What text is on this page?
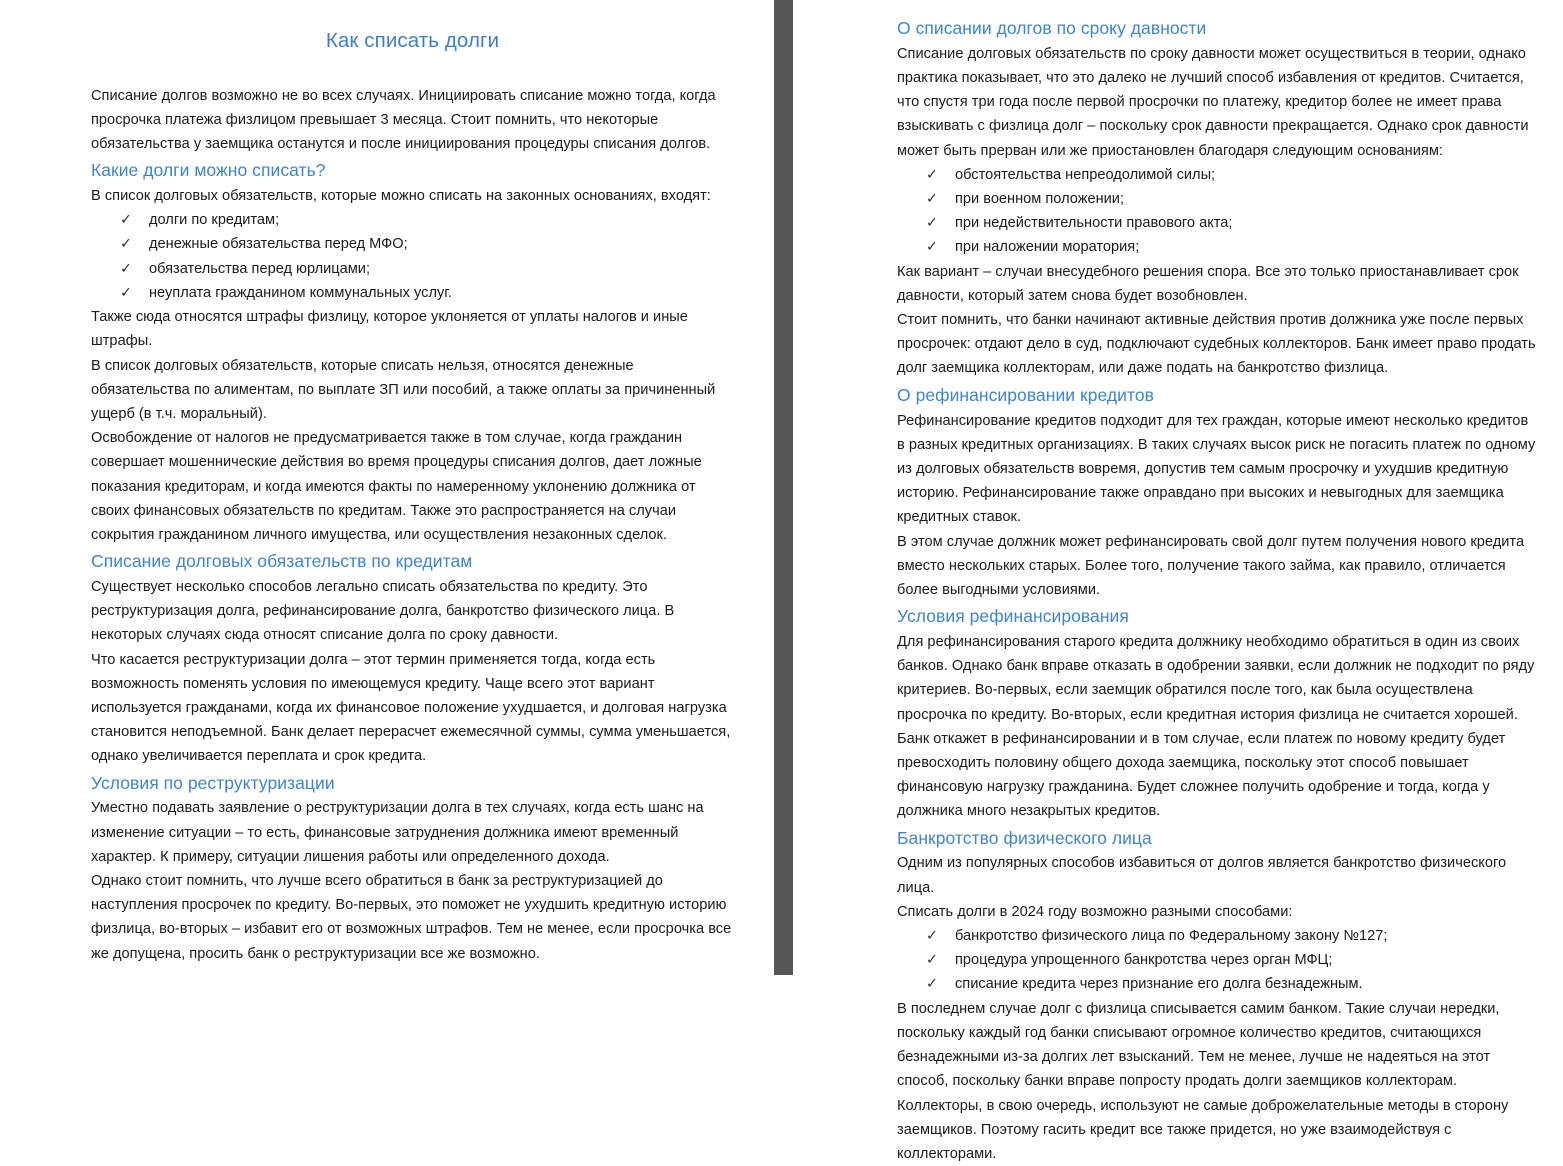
Как списать долги

Списание долгов возможно не во всех случаях. Инициировать списание можно тогда, когда просрочка платежа физлицом превышает 3 месяца. Стоит помнить, что некоторые обязательства у заемщика останутся и после инициирования процедуры списания долгов.

Какие долги можно списать?

В список долговых обязательств, которые можно списать на законных основаниях, входят:

✓ долги по кредитам;
✓ денежные обязательства перед МФО;
✓ обязательства перед юрлицами;
✓ неуплата гражданином коммунальных услуг.

Также сюда относятся штрафы физлицу, которое уклоняется от уплаты налогов и иные штрафы.

В список долговых обязательств, которые списать нельзя, относятся денежные обязательства по алиментам, по выплате ЗП или пособий, а также оплаты за причиненный ущерб (в т.ч. моральный).

Освобождение от налогов не предусматривается также в том случае, когда гражданин совершает мошеннические действия во время процедуры списания долгов, дает ложные показания кредиторам, и когда имеются факты по намеренному уклонению должника от своих финансовых обязательств по кредитам. Также это распространяется на случаи сокрытия гражданином личного имущества, или осуществления незаконных сделок.

Списание долговых обязательств по кредитам

Существует несколько способов легально списать обязательства по кредиту. Это реструктуризация долга, рефинансирование долга, банкротство физического лица. В некоторых случаях сюда относят списание долга по сроку давности.

Что касается реструктуризации долга – этот термин применяется тогда, когда есть возможность поменять условия по имеющемуся кредиту. Чаще всего этот вариант используется гражданами, когда их финансовое положение ухудшается, и долговая нагрузка становится неподъемной. Банк делает перерасчет ежемесячной суммы, сумма уменьшается, однако увеличивается переплата и срок кредита.

Условия по реструктуризации

Уместно подавать заявление о реструктуризации долга в тех случаях, когда есть шанс на изменение ситуации – то есть, финансовые затруднения должника имеют временный характер. К примеру, ситуации лишения работы или определенного дохода.

Однако стоит помнить, что лучше всего обратиться в банк за реструктуризацией до наступления просрочек по кредиту. Во-первых, это поможет не ухудшить кредитную историю физлица, во-вторых – избавит его от возможных штрафов. Тем не менее, если просрочка все же допущена, просить банк о реструктуризации все же возможно.

О списании долгов по сроку давности

Списание долговых обязательств по сроку давности может осуществиться в теории, однако практика показывает, что это далеко не лучший способ избавления от кредитов. Считается, что спустя три года после первой просрочки по платежу, кредитор более не имеет права взыскивать с физлица долг – поскольку срок давности прекращается. Однако срок давности может быть прерван или же приостановлен благодаря следующим основаниям:

✓ обстоятельства непреодолимой силы;
✓ при военном положении;
✓ при недействительности правового акта;
✓ при наложении моратория;

Как вариант – случаи внесудебного решения спора. Все это только приостанавливает срок давности, который затем снова будет возобновлен.

Стоит помнить, что банки начинают активные действия против должника уже после первых просрочек: отдают дело в суд, подключают судебных коллекторов. Банк имеет право продать долг заемщика коллекторам, или даже подать на банкротство физлица.

О рефинансировании кредитов

Рефинансирование кредитов подходит для тех граждан, которые имеют несколько кредитов в разных кредитных организациях. В таких случаях высок риск не погасить платеж по одному из долговых обязательств вовремя, допустив тем самым просрочку и ухудшив кредитную историю. Рефинансирование также оправдано при высоких и невыгодных для заемщика кредитных ставок.

В этом случае должник может рефинансировать свой долг путем получения нового кредита вместо нескольких старых. Более того, получение такого займа, как правило, отличается более выгодными условиями.

Условия рефинансирования

Для рефинансирования старого кредита должнику необходимо обратиться в один из своих банков. Однако банк вправе отказать в одобрении заявки, если должник не подходит по ряду критериев. Во-первых, если заемщик обратился после того, как была осуществлена просрочка по кредиту. Во-вторых, если кредитная история физлица не считается хорошей.

Банк откажет в рефинансировании и в том случае, если платеж по новому кредиту будет превосходить половину общего дохода заемщика, поскольку этот способ повышает финансовую нагрузку гражданина. Будет сложнее получить одобрение и тогда, когда у должника много незакрытых кредитов.

Банкротство физического лица

Одним из популярных способов избавиться от долгов является банкротство физического лица.

Списать долги в 2024 году возможно разными способами:

✓ банкротство физического лица по Федеральному закону №127;
✓ процедура упрощенного банкротства через орган МФЦ;
✓ списание кредита через признание его долга безнадежным.

В последнем случае долг с физлица списывается самим банком. Такие случаи нередки, поскольку каждый год банки списывают огромное количество кредитов, считающихся безнадежными из-за долгих лет взысканий. Тем не менее, лучше не надеяться на этот способ, поскольку банки вправе попросту продать долги заемщиков коллекторам. Коллекторы, в свою очередь, используют не самые доброжелательные методы в сторону заемщиков. Поэтому гасить кредит все также придется, но уже взаимодействуя с коллекторами.
